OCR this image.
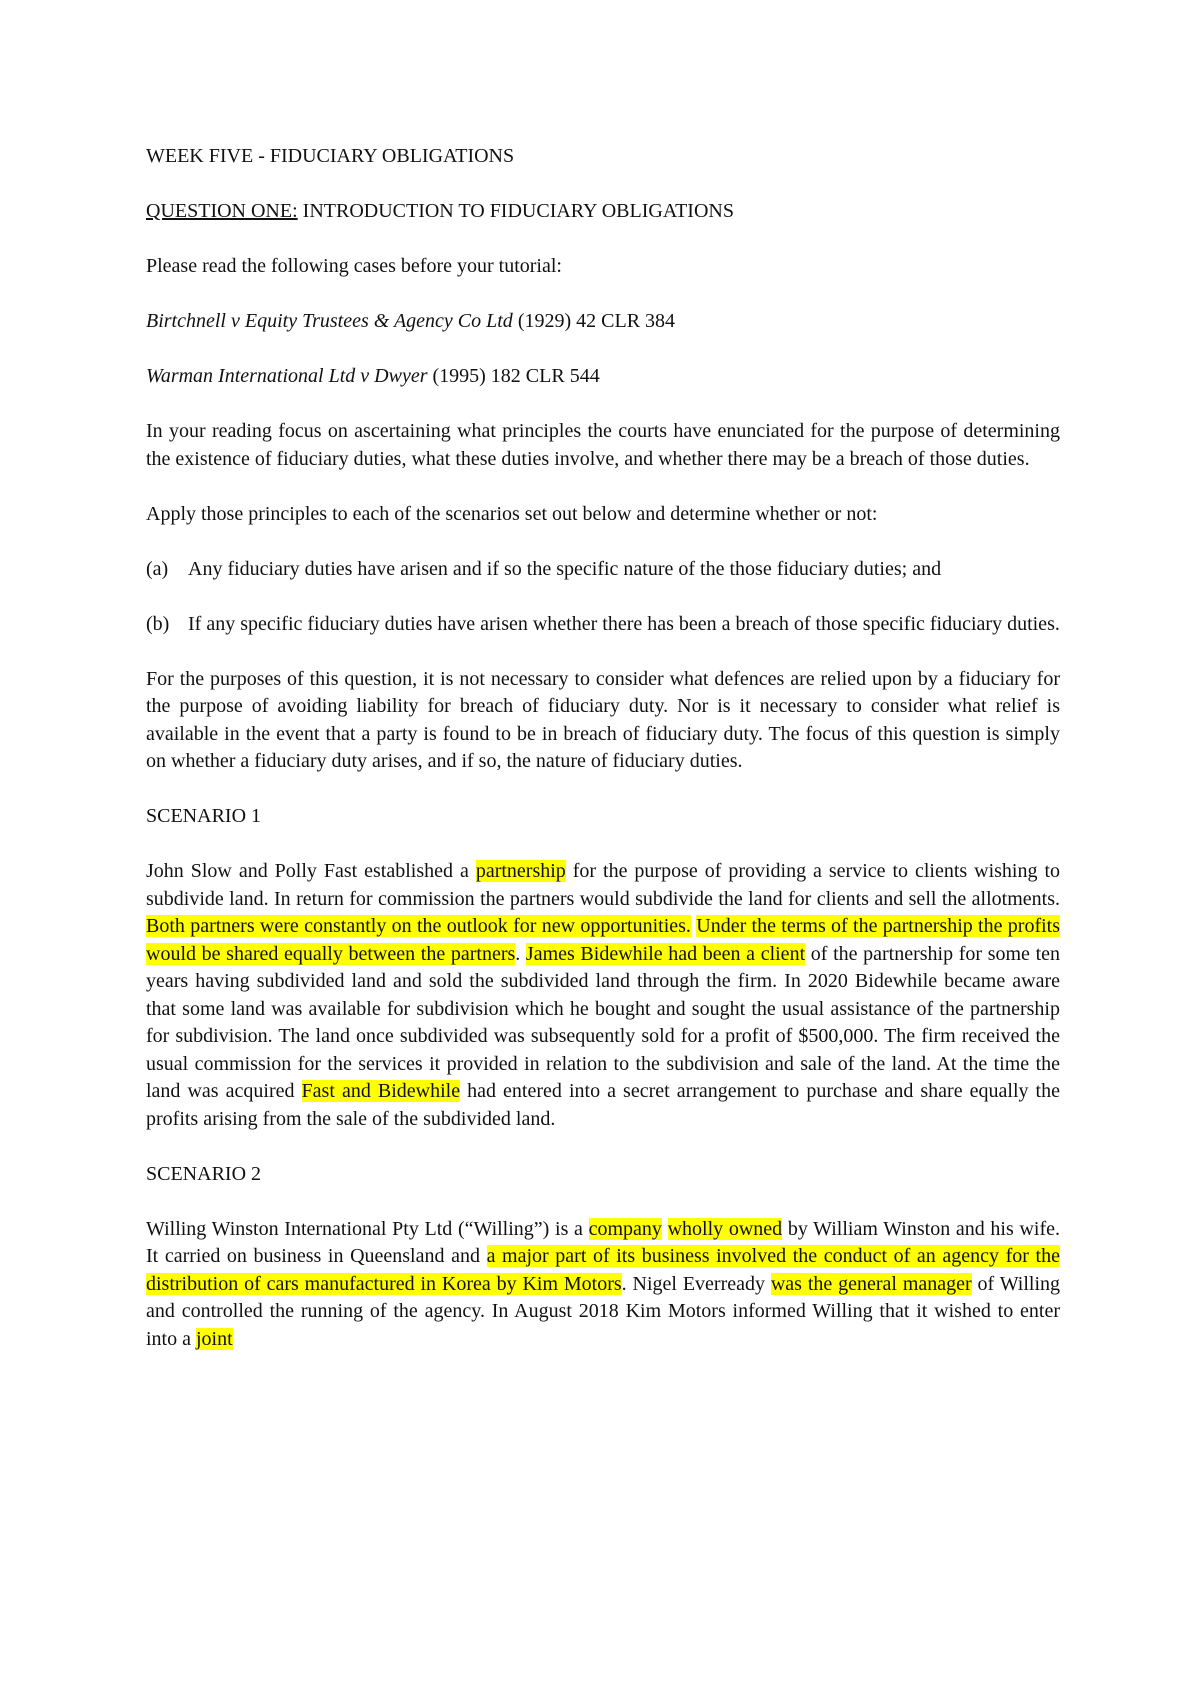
WEEK FIVE - FIDUCIARY OBLIGATIONS

QUESTION ONE: INTRODUCTION TO FIDUCIARY OBLIGATIONS

Please read the following cases before your tutorial:

Birtchnell v Equity Trustees & Agency Co Ltd (1929) 42 CLR 384

Warman International Ltd v Dwyer (1995) 182 CLR 544

In your reading focus on ascertaining what principles the courts have enunciated for the purpose of determining the existence of fiduciary duties, what these duties involve, and whether there may be a breach of those duties.

Apply those principles to each of the scenarios set out below and determine whether or not:

(a) Any fiduciary duties have arisen and if so the specific nature of the those fiduciary duties; and
(b) If any specific fiduciary duties have arisen whether there has been a breach of those specific fiduciary duties.

For the purposes of this question, it is not necessary to consider what defences are relied upon by a fiduciary for the purpose of avoiding liability for breach of fiduciary duty. Nor is it necessary to consider what relief is available in the event that a party is found to be in breach of fiduciary duty. The focus of this question is simply on whether a fiduciary duty arises, and if so, the nature of fiduciary duties.

SCENARIO 1

John Slow and Polly Fast established a partnership for the purpose of providing a service to clients wishing to subdivide land. In return for commission the partners would subdivide the land for clients and sell the allotments. Both partners were constantly on the outlook for new opportunities. Under the terms of the partnership the profits would be shared equally between the partners. James Bidewhile had been a client of the partnership for some ten years having subdivided land and sold the subdivided land through the firm. In 2020 Bidewhile became aware that some land was available for subdivision which he bought and sought the usual assistance of the partnership for subdivision. The land once subdivided was subsequently sold for a profit of $500,000. The firm received the usual commission for the services it provided in relation to the subdivision and sale of the land. At the time the land was acquired Fast and Bidewhile had entered into a secret arrangement to purchase and share equally the profits arising from the sale of the subdivided land.

SCENARIO 2

Willing Winston International Pty Ltd (“Willing”) is a company wholly owned by William Winston and his wife. It carried on business in Queensland and a major part of its business involved the conduct of an agency for the distribution of cars manufactured in Korea by Kim Motors. Nigel Everready was the general manager of Willing and controlled the running of the agency. In August 2018 Kim Motors informed Willing that it wished to enter into a joint
